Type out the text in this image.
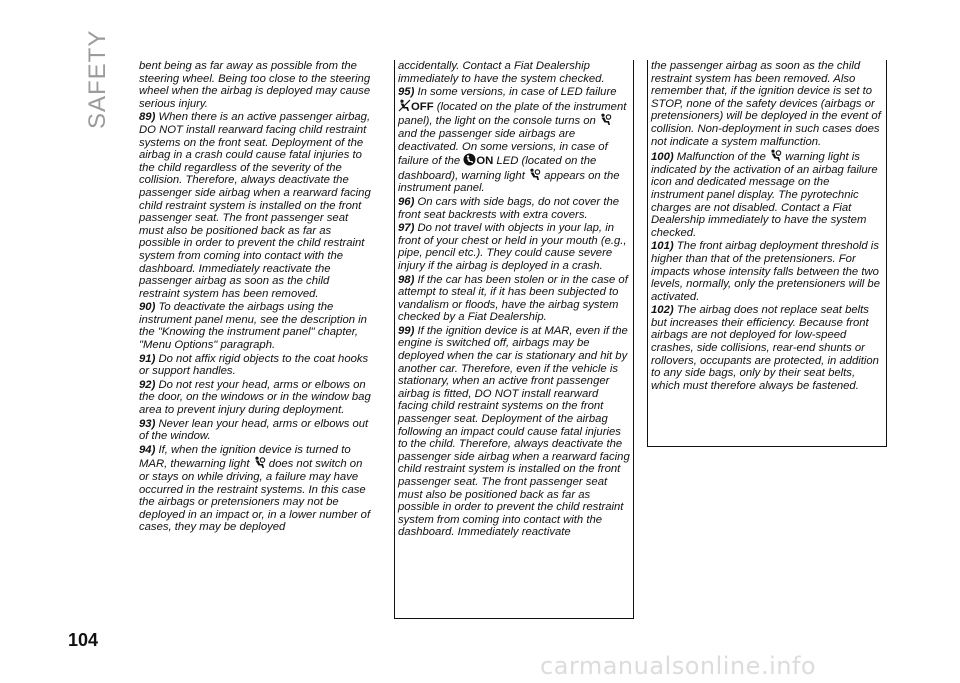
SAFETY bent being as far away as possible from the steering wheel. Being too close to the steering wheel when the airbag is deployed may cause serious injury.

89) When there is an active passenger airbag, DO NOT install rearward facing child restraint systems on the front seat. Deployment of the airbag in a crash could cause fatal injuries to the child regardless of the severity of the collision. Therefore, always deactivate the passenger side airbag when a rearward facing child restraint system is installed on the front passenger seat. The front passenger seat must also be positioned back as far as possible in order to prevent the child restraint system from coming into contact with the dashboard. Immediately reactivate the passenger airbag as soon as the child restraint system has been removed.

90) To deactivate the airbags using the instrument panel menu, see the description in the "Knowing the instrument panel" chapter, "Menu Options" paragraph.

91) Do not affix rigid objects to the coat hooks or support handles.

92) Do not rest your head, arms or elbows on the door, on the windows or in the window bag area to prevent injury during deployment.

93) Never lean your head, arms or elbows out of the window.

94) If, when the ignition device is turned to MAR, thewarning light does not switch on or stays on while driving, a failure may have occurred in the restraint systems. In this case the airbags or pretensioners may not be deployed in an impact or, in a lower number of cases, they may be deployed

accidentally. Contact a Fiat Dealership immediately to have the system checked.

95) In some versions, in case of LED failure
OFF (located on the plate of the instrument panel), the light on the console turns on
and the passenger side airbags are deactivated. On some versions, in case of failure of the ON LED (located on the dashboard), warning light appears on the instrument panel.

96) On cars with side bags, do not cover the front seat backrests with extra covers.

97) Do not travel with objects in your lap, in front of your chest or held in your mouth (e.g., pipe, pencil etc.). They could cause severe injury if the airbag is deployed in a crash.

98) If the car has been stolen or in the case of attempt to steal it, if it has been subjected to vandalism or floods, have the airbag system checked by a Fiat Dealership.

99) If the ignition device is at MAR, even if the engine is switched off, airbags may be deployed when the car is stationary and hit by another car. Therefore, even if the vehicle is stationary, when an active front passenger airbag is fitted, DO NOT install rearward facing child restraint systems on the front passenger seat. Deployment of the airbag following an impact could cause fatal injuries to the child. Therefore, always deactivate the passenger side airbag when a rearward facing child restraint system is installed on the front passenger seat. The front passenger seat must also be positioned back as far as possible in order to prevent the child restraint system from coming into contact with the dashboard. Immediately reactivate

the passenger airbag as soon as the child restraint system has been removed. Also remember that, if the ignition device is set to STOP, none of the safety devices (airbags or pretensioners) will be deployed in the event of collision. Non-deployment in such cases does not indicate a system malfunction.

100) Malfunction of the warning light is indicated by the activation of an airbag failure icon and dedicated message on the instrument panel display. The pyrotechnic charges are not disabled. Contact a Fiat Dealership immediately to have the system checked.

101) The front airbag deployment threshold is higher than that of the pretensioners. For impacts whose intensity falls between the two levels, normally, only the pretensioners will be activated.

102) The airbag does not replace seat belts but increases their efficiency. Because front airbags are not deployed for low-speed crashes, side collisions, rear-end shunts or rollovers, occupants are protected, in addition to any side bags, only by their seat belts, which must therefore always be fastened.

104
carmanualsonline.info
